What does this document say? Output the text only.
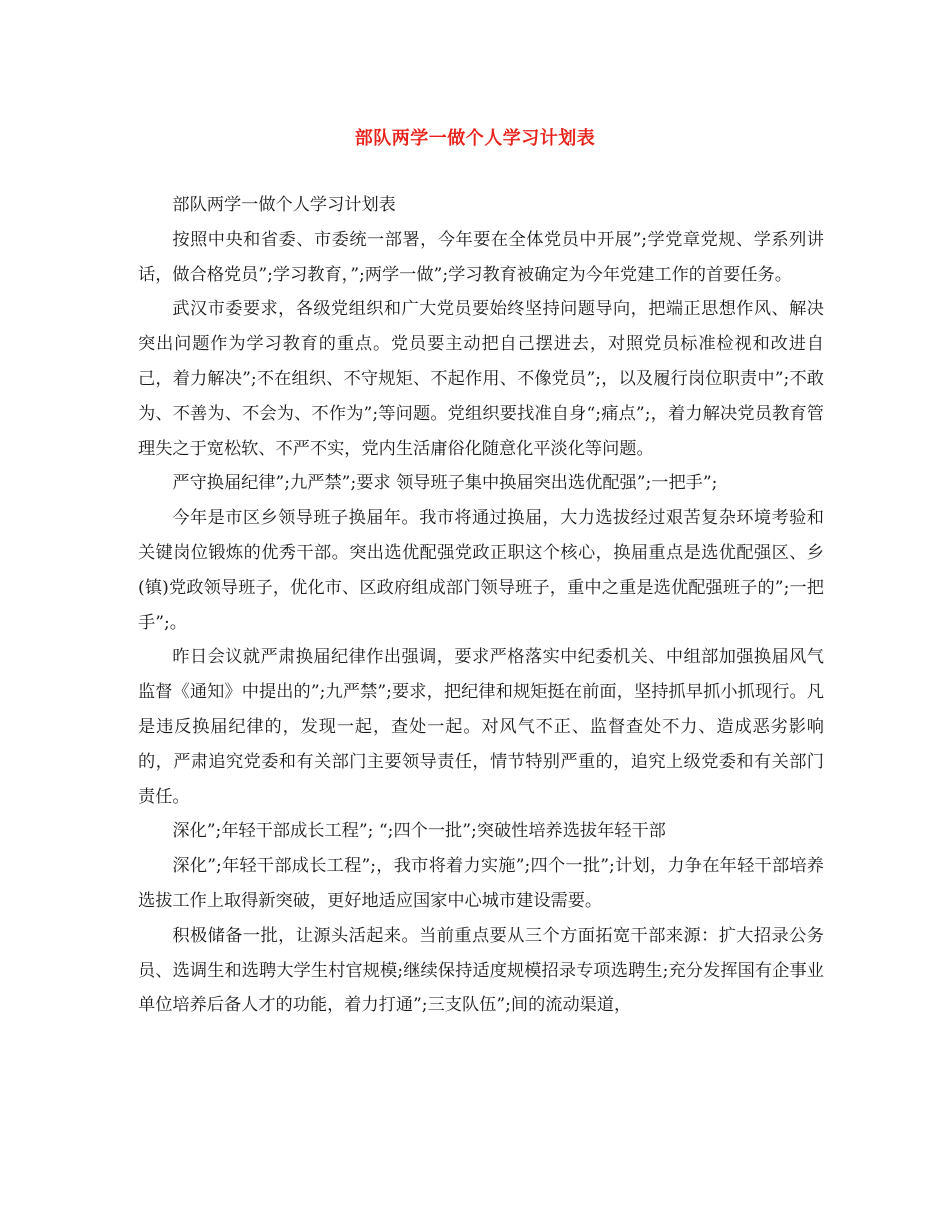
部队两学一做个人学习计划表

部队两学一做个人学习计划表

按照中央和省委、市委统一部署，今年要在全体党员中开展”;学党章党规、学系列讲话，做合格党员”;学习教育，”;两学一做”;学习教育被确定为今年党建工作的首要任务。

武汉市委要求，各级党组织和广大党员要始终坚持问题导向，把端正思想作风、解决突出问题作为学习教育的重点。党员要主动把自己摆进去，对照党员标准检视和改进自己，着力解决”;不在组织、不守规矩、不起作用、不像党员”;，以及履行岗位职责中”;不敢为、不善为、不会为、不作为”;等问题。党组织要找准自身“;痛点”;，着力解决党员教育管理失之于宽松软、不严不实，党内生活庸俗化随意化平淡化等问题。

严守换届纪律”;九严禁”;要求 领导班子集中换届突出选优配强”;一把手”;

今年是市区乡领导班子换届年。我市将通过换届，大力选拔经过艰苦复杂环境考验和关键岗位锻炼的优秀干部。突出选优配强党政正职这个核心，换届重点是选优配强区、乡(镇)党政领导班子，优化市、区政府组成部门领导班子，重中之重是选优配强班子的”;一把手”;。

昨日会议就严肃换届纪律作出强调，要求严格落实中纪委机关、中组部加强换届风气监督《通知》中提出的”;九严禁”;要求，把纪律和规矩挺在前面，坚持抓早抓小抓现行。凡是违反换届纪律的，发现一起，查处一起。对风气不正、监督查处不力、造成恶劣影响的，严肃追究党委和有关部门主要领导责任，情节特别严重的，追究上级党委和有关部门责任。

深化”;年轻干部成长工程”; “;四个一批”;突破性培养选拔年轻干部

深化”;年轻干部成长工程”;，我市将着力实施”;四个一批”;计划，力争在年轻干部培养选拔工作上取得新突破，更好地适应国家中心城市建设需要。

积极储备一批，让源头活起来。当前重点要从三个方面拓宽干部来源：扩大招录公务员、选调生和选聘大学生村官规模;继续保持适度规模招录专项选聘生;充分发挥国有企事业单位培养后备人才的功能，着力打通”;三支队伍”;间的流动渠道，
